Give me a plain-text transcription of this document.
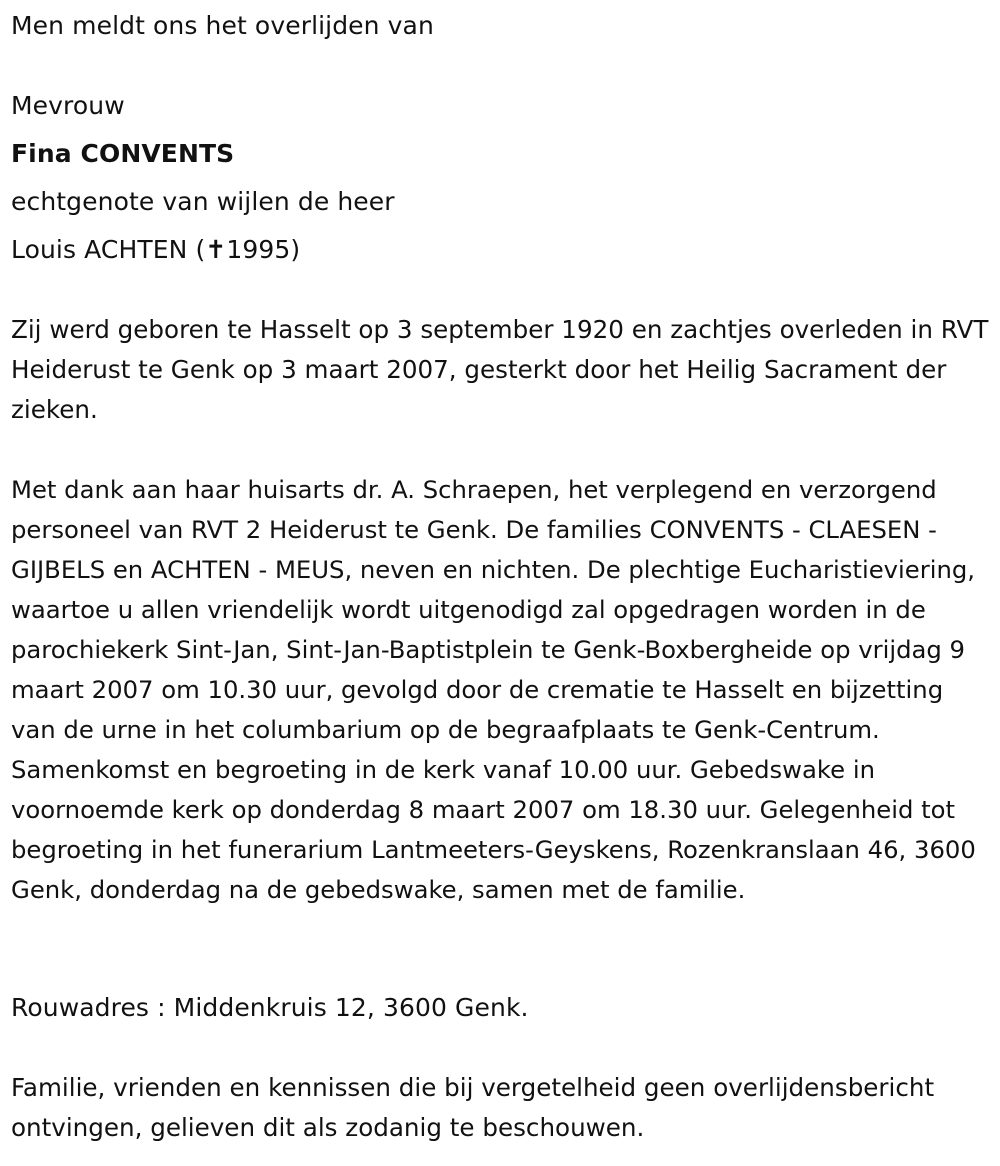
Men meldt ons het overlijden van
Mevrouw
Fina CONVENTS
echtgenote van wijlen de heer
Louis ACHTEN (✝1995)
Zij werd geboren te Hasselt op 3 september 1920 en zachtjes overleden in RVT Heiderust te Genk op 3 maart 2007, gesterkt door het Heilig Sacrament der zieken.
Met dank aan haar huisarts dr. A. Schraepen, het verplegend en verzorgend personeel van RVT 2 Heiderust te Genk. De families CONVENTS - CLAESEN - GIJBELS en ACHTEN - MEUS, neven en nichten. De plechtige Eucharistieviering, waartoe u allen vriendelijk wordt uitgenodigd zal opgedragen worden in de parochiekerk Sint-Jan, Sint-Jan-Baptistplein te Genk-Boxbergheide op vrijdag 9 maart 2007 om 10.30 uur, gevolgd door de crematie te Hasselt en bijzetting van de urne in het columbarium op de begraafplaats te Genk-Centrum. Samenkomst en begroeting in de kerk vanaf 10.00 uur. Gebedswake in voornoemde kerk op donderdag 8 maart 2007 om 18.30 uur. Gelegenheid tot begroeting in het funerarium Lantmeeters-Geyskens, Rozenkranslaan 46, 3600 Genk, donderdag na de gebedswake, samen met de familie.
Rouwadres : Middenkruis 12, 3600 Genk.
Familie, vrienden en kennissen die bij vergetelheid geen overlijdensbericht ontvingen, gelieven dit als zodanig te beschouwen.
